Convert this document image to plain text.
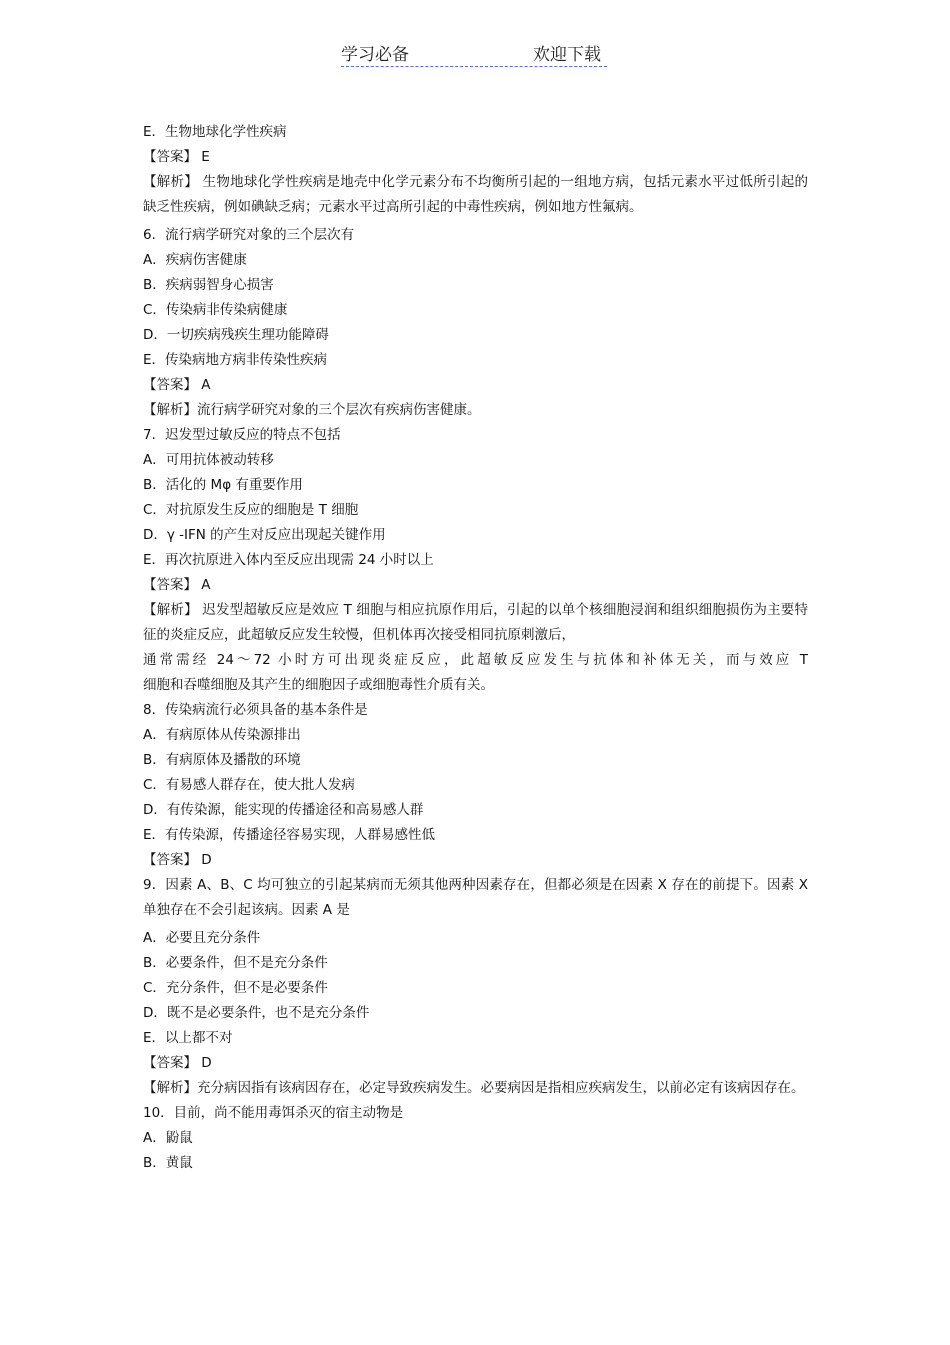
学习必备	欢迎下载
E．生物地球化学性疾病
【答案】 E
【解析】 生物地球化学性疾病是地壳中化学元素分布不均衡所引起的一组地方病，包括元素水平过低所引起的缺乏性疾病，例如碘缺乏病；元素水平过高所引起的中毒性疾病，例如地方性氟病。
6．流行病学研究对象的三个层次有
A．疾病伤害健康
B．疾病弱智身心损害
C．传染病非传染病健康
D．一切疾病残疾生理功能障碍
E．传染病地方病非传染性疾病
【答案】 A
【解析】流行病学研究对象的三个层次有疾病伤害健康。
7．迟发型过敏反应的特点不包括
A．可用抗体被动转移
B．活化的 Mφ 有重要作用
C．对抗原发生反应的细胞是 T 细胞
D．γ -IFN 的产生对反应出现起关键作用
E．再次抗原进入体内至反应出现需 24 小时以上
【答案】 A
【解析】 迟发型超敏反应是效应 T 细胞与相应抗原作用后，引起的以单个核细胞浸润和组织细胞损伤为主要特征的炎症反应，此超敏反应发生较慢，但机体再次接受相同抗原刺激后，
通常需经 24～72 小时方可出现炎症反应，此超敏反应发生与抗体和补体无关，而与效应 T
细胞和吞噬细胞及其产生的细胞因子或细胞毒性介质有关。
8．传染病流行必须具备的基本条件是
A．有病原体从传染源排出
B．有病原体及播散的环境
C．有易感人群存在，使大批人发病
D．有传染源，能实现的传播途径和高易感人群
E．有传染源，传播途径容易实现，人群易感性低
【答案】 D
9．因素 A、B、C 均可独立的引起某病而无须其他两种因素存在，但都必须是在因素 X 存在的前提下。因素 X 单独存在不会引起该病。因素 A 是
A．必要且充分条件
B．必要条件，但不是充分条件
C．充分条件，但不是必要条件
D．既不是必要条件，也不是充分条件
E．以上都不对
【答案】 D
【解析】充分病因指有该病因存在，必定导致疾病发生。必要病因是指相应疾病发生，以前必定有该病因存在。
10．目前，尚不能用毒饵杀灭的宿主动物是
A．鼢鼠
B．黄鼠
